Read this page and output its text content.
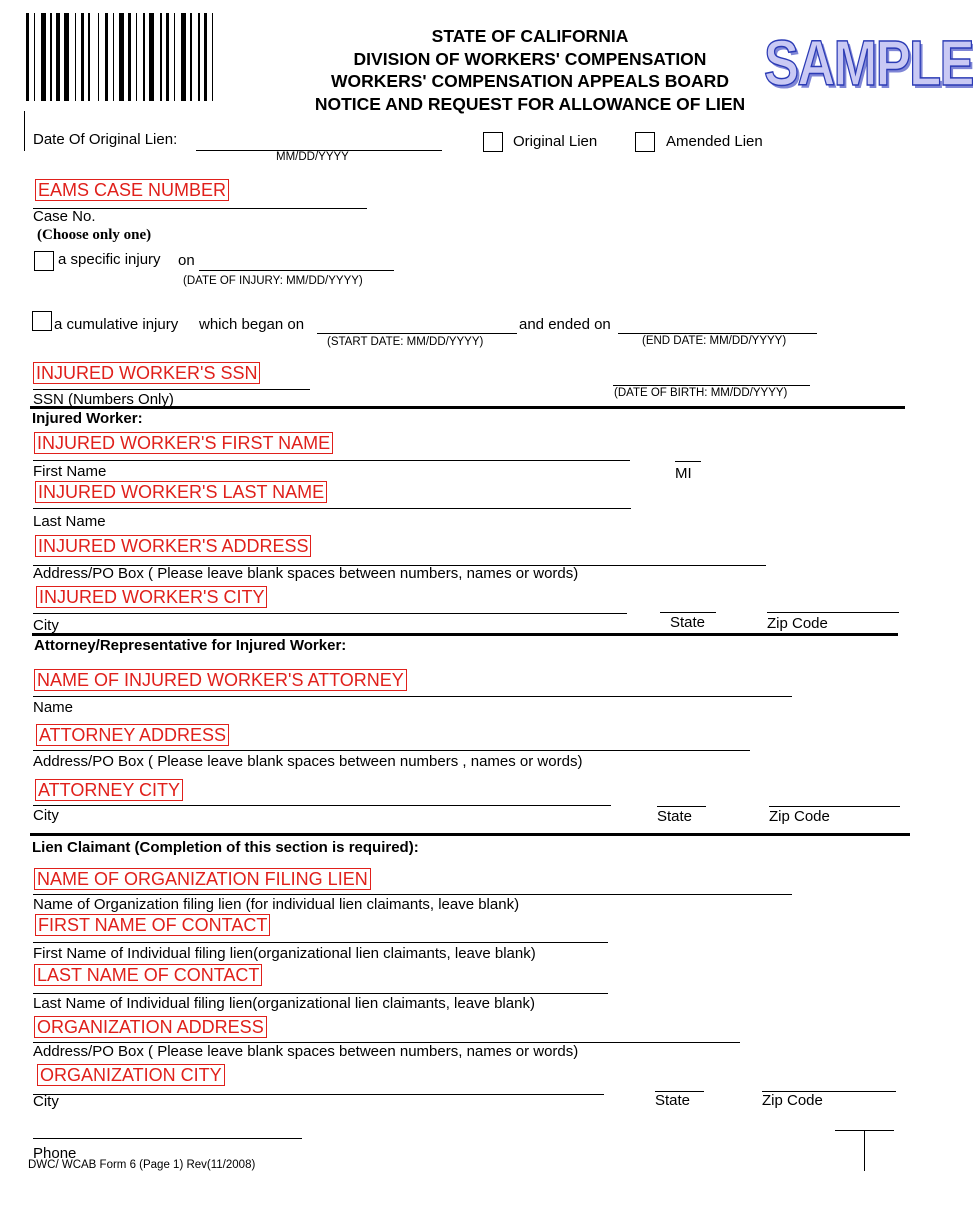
STATE OF CALIFORNIA
DIVISION OF WORKERS' COMPENSATION
WORKERS' COMPENSATION APPEALS BOARD
NOTICE AND REQUEST FOR ALLOWANCE OF LIEN
SAMPLE
Date Of Original Lien:
MM/DD/YYYY
Original Lien	Amended Lien
EAMS CASE NUMBER
Case No.
(Choose only one)
a specific injury on
(DATE OF INJURY: MM/DD/YYYY)
a cumulative injury which began on
(START DATE: MM/DD/YYYY)
and ended on
(END DATE: MM/DD/YYYY)
INJURED WORKER'S SSN
SSN (Numbers Only)	(DATE OF BIRTH: MM/DD/YYYY)
Injured Worker:
INJURED WORKER'S FIRST NAME
First Name	MI
INJURED WORKER'S LAST NAME
Last Name
INJURED WORKER'S ADDRESS
Address/PO Box ( Please leave blank spaces between numbers, names or words)
INJURED WORKER'S CITY
City	State	Zip Code
Attorney/Representative for Injured Worker:
NAME OF INJURED WORKER'S ATTORNEY
Name
ATTORNEY ADDRESS
Address/PO Box ( Please leave blank spaces between numbers , names or words)
ATTORNEY CITY
City	State	Zip Code
Lien Claimant (Completion of this section is required):
NAME OF ORGANIZATION FILING LIEN
Name of Organization filing lien (for individual lien claimants, leave blank)
FIRST NAME OF CONTACT
First Name of Individual filing lien(organizational lien claimants, leave blank)
LAST NAME OF CONTACT
Last Name of Individual filing lien(organizational lien claimants, leave blank)
ORGANIZATION ADDRESS
Address/PO Box ( Please leave blank spaces between numbers, names or words)
ORGANIZATION CITY
City	State	Zip Code
Phone
DWC/ WCAB Form 6 (Page 1) Rev(11/2008)
